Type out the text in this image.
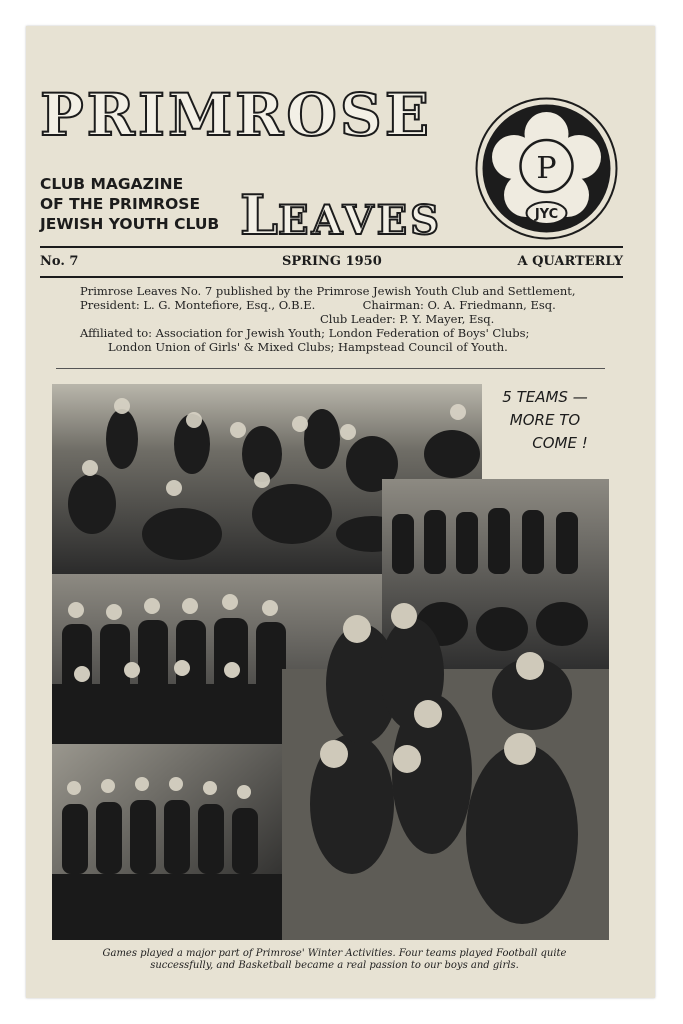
PRIMROSE
CLUB MAGAZINE
OF THE PRIMROSE
JEWISH YOUTH CLUB LEAVES
P
JYC
No. 7	SPRING 1950	A QUARTERLY
Primrose Leaves No. 7 published by the Primrose Jewish Youth Club and Settlement,
President: L. G. Montefiore, Esq., O.B.E.	Chairman: O. A. Friedmann, Esq.
Club Leader: P. Y. Mayer, Esq.
Affiliated to: Association for Jewish Youth; London Federation of Boys' Clubs;
London Union of Girls' & Mixed Clubs; Hampstead Council of Youth.
5 TEAMS —
MORE TO
COME !
Games played a major part of Primrose' Winter Activities. Four teams played Football quite
successfully, and Basketball became a real passion to our boys and girls.
